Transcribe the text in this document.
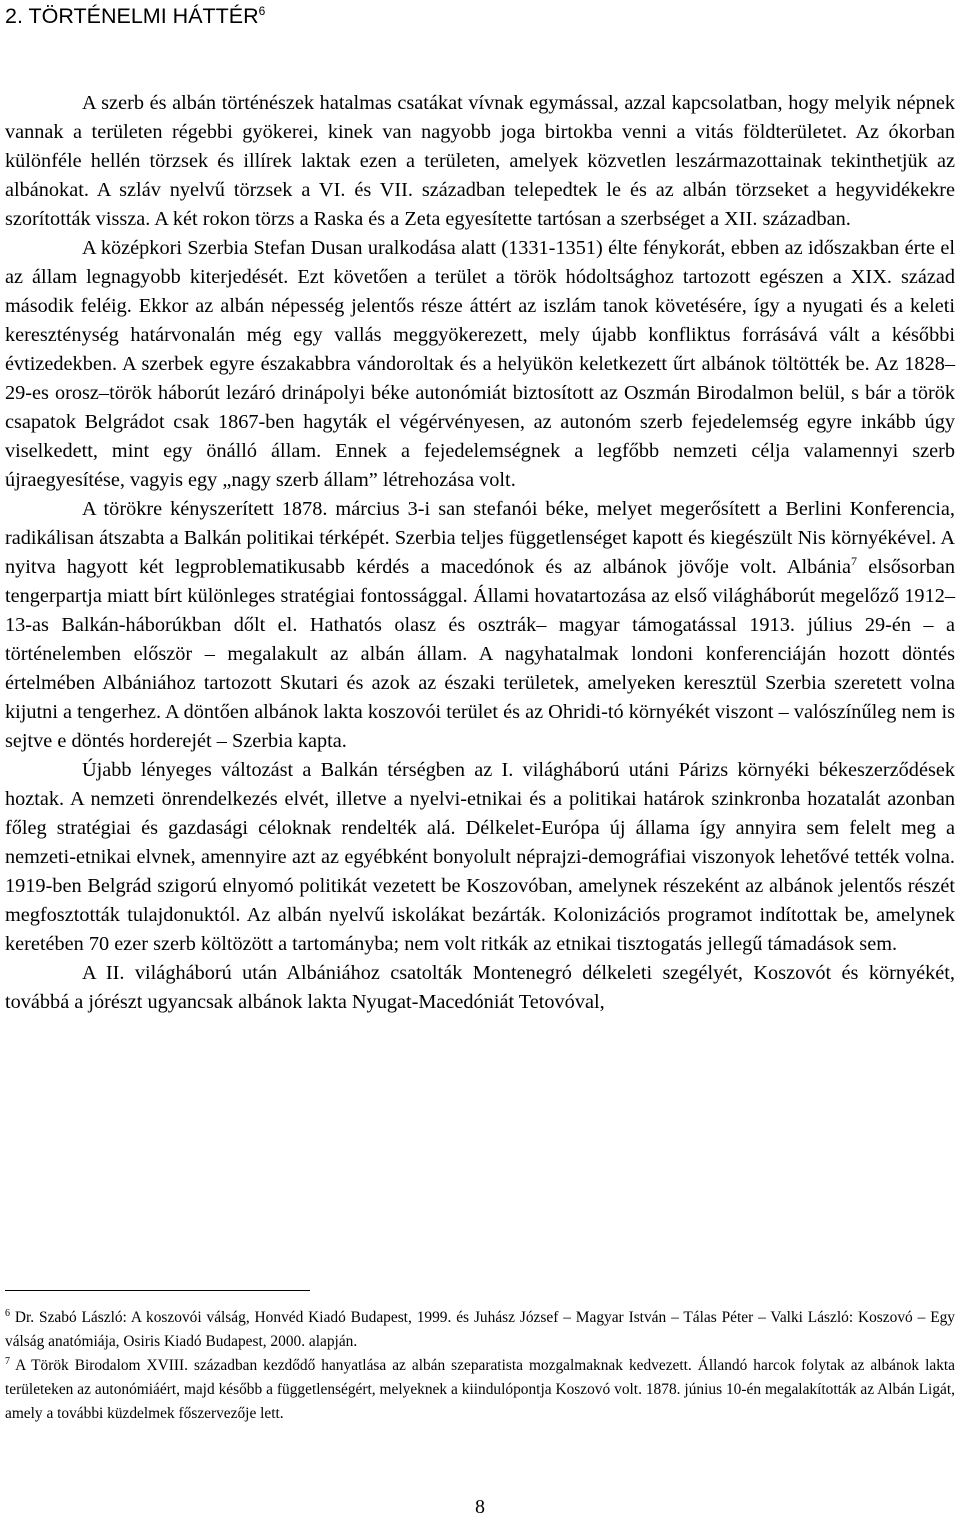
2. TÖRTÉNELMI HÁTTÉR$^6$

A szerb és albán történészek hatalmas csatákat vívnak egymással, azzal kapcsolatban, hogy melyik népnek vannak a területen régebbi gyökerei, kinek van nagyobb joga birtokba venni a vitás földterületet. Az ókorban különféle hellén törzsek és illírek laktak ezen a területen, amelyek közvetlen leszármazottainak tekinthetjük az albánokat. A szláv nyelvű törzsek a VI. és VII. században telepedtek le és az albán törzseket a hegyvidékekre szorították vissza. A két rokon törzs a Raska és a Zeta egyesítette tartósan a szerbséget a XII. században.

A középkori Szerbia Stefan Dusan uralkodása alatt (1331-1351) élte fénykorát, ebben az időszakban érte el az állam legnagyobb kiterjedését. Ezt követően a terület a török hódoltsághoz tartozott egészen a XIX. század második feléig. Ekkor az albán népesség jelentős része áttért az iszlám tanok követésére, így a nyugati és a keleti kereszténység határvonalán még egy vallás meggyökerezett, mely újabb konfliktus forrásává vált a későbbi évtizedekben. A szerbek egyre északabbra vándoroltak és a helyükön keletkezett űrt albánok töltötték be. Az 1828–29-es orosz–török háborút lezáró drinápolyi béke autonómiát biztosított az Oszmán Birodalmon belül, s bár a török csapatok Belgrádot csak 1867-ben hagyták el végérvényesen, az autonóm szerb fejedelemség egyre inkább úgy viselkedett, mint egy önálló állam. Ennek a fejedelemségnek a legfőbb nemzeti célja valamennyi szerb újraegyesítése, vagyis egy „nagy szerb állam” létrehozása volt.

A törökre kényszerített 1878. március 3-i san stefanói béke, melyet megerősített a Berlini Konferencia, radikálisan átszabta a Balkán politikai térképét. Szerbia teljes függetlenséget kapott és kiegészült Nis környékével. A nyitva hagyott két legproblematikusabb kérdés a macedónok és az albánok jövője volt. Albánia$^7$ elsősorban tengerpartja miatt bírt különleges stratégiai fontossággal. Állami hovatartozása az első világháborút megelőző 1912–13-as Balkán-háborúkban dőlt el. Hathatós olasz és osztrák– magyar támogatással 1913. július 29-én – a történelemben először – megalakult az albán állam. A nagyhatalmak londoni konferenciáján hozott döntés értelmében Albániához tartozott Skutari és azok az északi területek, amelyeken keresztül Szerbia szeretett volna kijutni a tengerhez. A döntően albánok lakta koszovói terület és az Ohridi-tó környékét viszont – valószínűleg nem is sejtve e döntés horderejét – Szerbia kapta.

Újabb lényeges változást a Balkán térségben az I. világháború utáni Párizs környéki békeszerződések hoztak. A nemzeti önrendelkezés elvét, illetve a nyelvi-etnikai és a politikai határok szinkronba hozatalát azonban főleg stratégiai és gazdasági céloknak rendelték alá. Délkelet-Európa új állama így annyira sem felelt meg a nemzeti-etnikai elvnek, amennyire azt az egyébként bonyolult néprajzi-demográfiai viszonyok lehetővé tették volna. 1919-ben Belgrád szigorú elnyomó politikát vezetett be Koszovóban, amelynek részeként az albánok jelentős részét megfosztották tulajdonuktól. Az albán nyelvű iskolákat bezárták. Kolonizációs programot indítottak be, amelynek keretében 70 ezer szerb költözött a tartományba; nem volt ritkák az etnikai tisztogatás jellegű támadások sem.

A II. világháború után Albániához csatolták Montenegró délkeleti szegélyét, Koszovót és környékét, továbbá a jórészt ugyancsak albánok lakta Nyugat-Macedóniát Tetovóval,

$^6$ Dr. Szabó László: A koszovói válság, Honvéd Kiadó Budapest, 1999. és Juhász József – Magyar István – Tálas Péter – Valki László: Koszovó – Egy válság anatómiája, Osiris Kiadó Budapest, 2000. alapján.

$^7$ A Török Birodalom XVIII. században kezdődő hanyatlása az albán szeparatista mozgalmaknak kedvezett. Állandó harcok folytak az albánok lakta területeken az autonómiáért, majd később a függetlenségért, melyeknek a kiindulópontja Koszovó volt. 1878. június 10-én megalakították az Albán Ligát, amely a további küzdelmek főszervezője lett.

8
